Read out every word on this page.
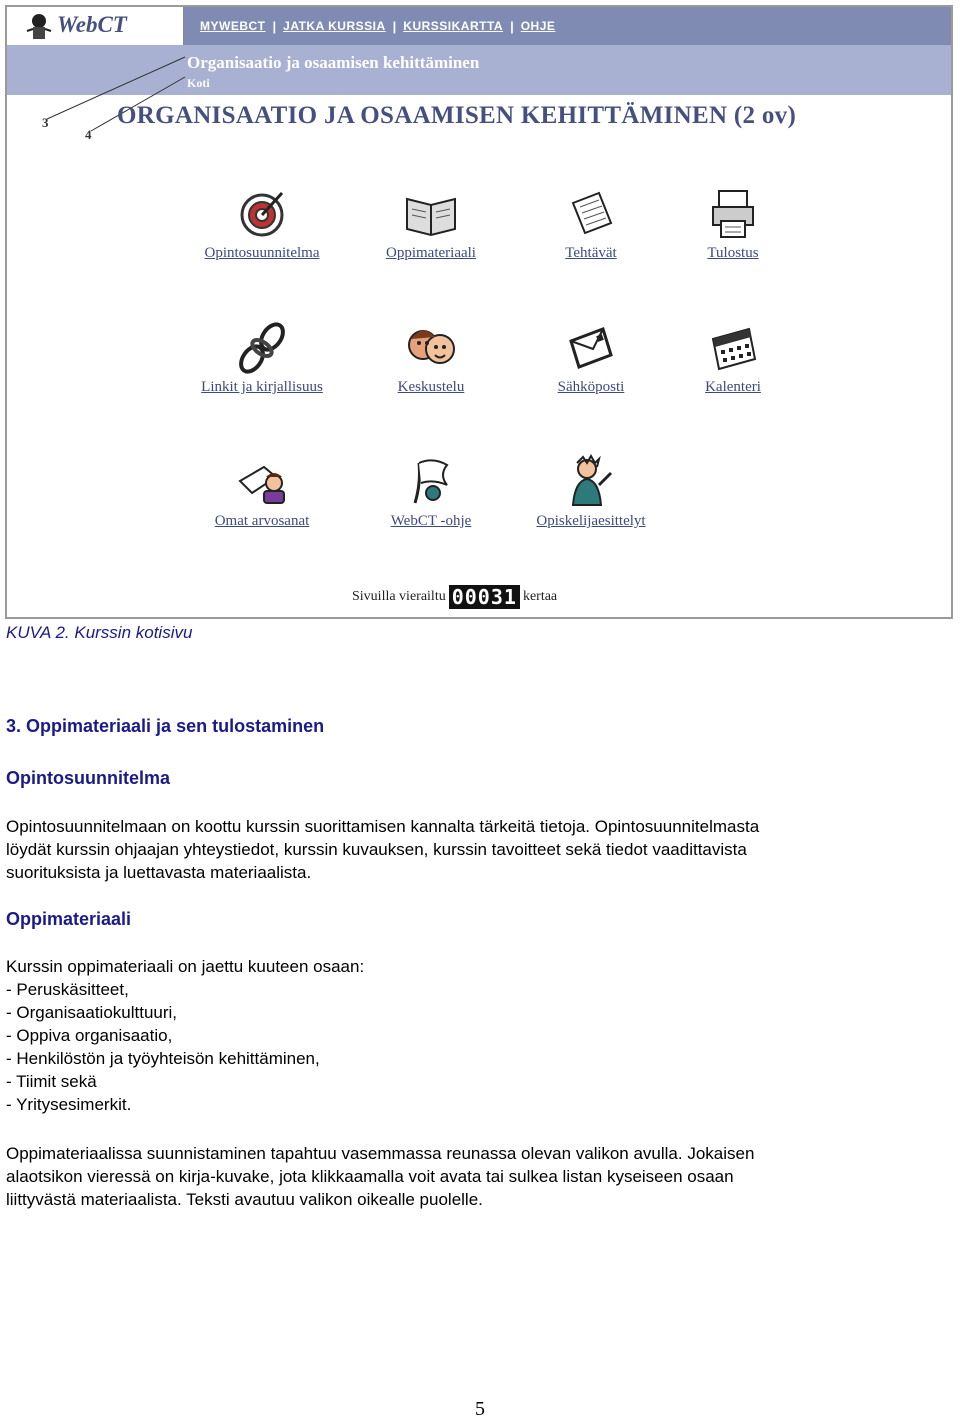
WebCT	MYWEBCT | JATKA KURSSIA | KURSSIKARTTA | OHJE
Organisaatio ja osaamisen kehittäminen
Koti
3
4
ORGANISAATIO JA OSAAMISEN KEHITTÄMINEN (2 ov)
Opintosuunnitelma	Oppimateriaali	Tehtävät	Tulostus
Linkit ja kirjallisuus	Keskustelu	Sähköposti	Kalenteri
Omat arvosanat	WebCT -ohje	Opiskelijaesittelyt
Sivuilla vierailtu 00031 kertaa
KUVA 2. Kurssin kotisivu
3. Oppimateriaali ja sen tulostaminen
Opintosuunnitelma

Opintosuunnitelmaan on koottu kurssin suorittamisen kannalta tärkeitä tietoja. Opintosuunnitelmasta

löydät kurssin ohjaajan yhteystiedot, kurssin kuvauksen, kurssin tavoitteet sekä tiedot vaadittavista

suorituksista ja luettavasta materiaalista.

Oppimateriaali

Kurssin oppimateriaali on jaettu kuuteen osaan:

- Peruskäsitteet,

- Organisaatiokulttuuri,

- Oppiva organisaatio,

- Henkilöstön ja työyhteisön kehittäminen,

- Tiimit sekä

- Yritysesimerkit.

Oppimateriaalissa suunnistaminen tapahtuu vasemmassa reunassa olevan valikon avulla. Jokaisen

alaotsikon vieressä on kirja-kuvake, jota klikkaamalla voit avata tai sulkea listan kyseiseen osaan

liittyvästä materiaalista. Teksti avautuu valikon oikealle puolelle.

5
